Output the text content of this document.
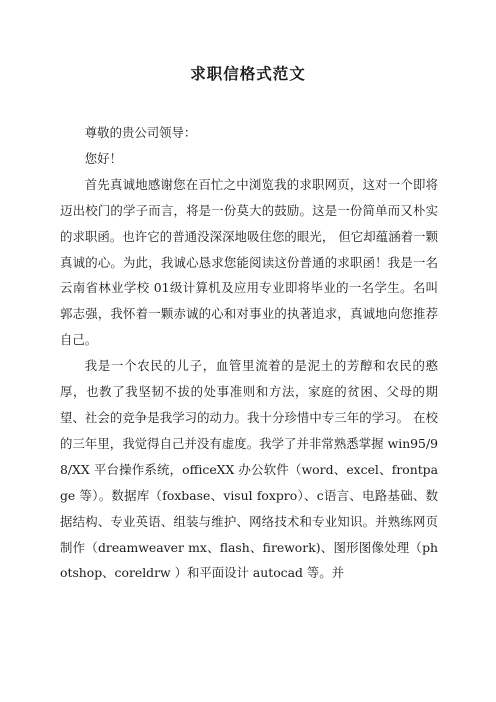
求职信格式范文

尊敬的贵公司领导：

您好！

首先真诚地感谢您在百忙之中浏览我的求职网页，这对一个即将迈出校门的学子而言，将是一份莫大的鼓励。这是一份简单而又朴实的求职函。也许它的普通没深深地吸住您的眼光， 但它却蕴涵着一颗真诚的心。为此，我诚心恳求您能阅读这份普通的求职函！我是一名云南省林业学校 01级计算机及应用专业即将毕业的一名学生。名叫郭志强，我怀着一颗赤诚的心和对事业的执著追求，真诚地向您推荐自己。

我是一个农民的儿子，血管里流着的是泥土的芳醇和农民的憨厚，也教了我坚韧不拔的处事准则和方法，家庭的贫困、父母的期望、社会的竞争是我学习的动力。我十分珍惜中专三年的学习。 在校的三年里，我觉得自己并没有虚度。我学了并非常熟悉掌握 win95/98/XX 平台操作系统，officeXX 办公软件（word、excel、frontpage 等）。数据库（foxbase、visul foxpro）、c语言、电路基础、数据结构、专业英语、组装与维护、网络技术和专业知识。并熟练网页制作（dreamweaver mx、flash、firework)、图形图像处理（photshop、coreldrw ）和平面设计 autocad 等。并
